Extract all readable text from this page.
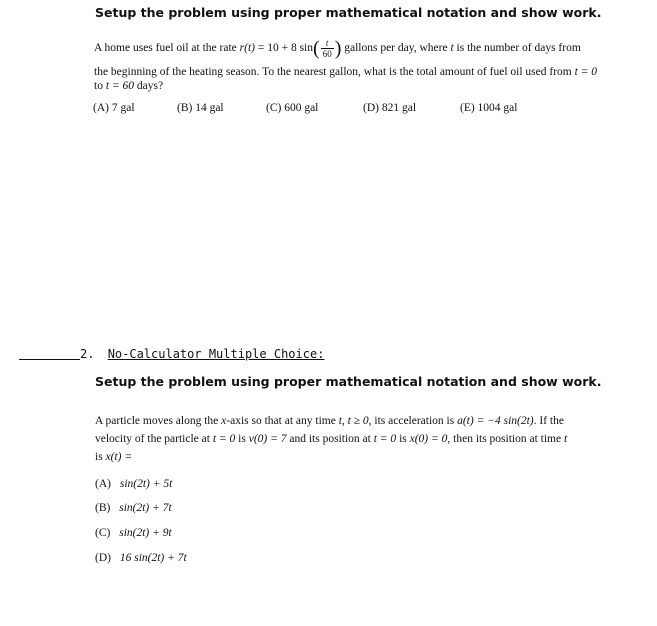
Setup the problem using proper mathematical notation and show work.
A home uses fuel oil at the rate r(t) = 10 + 8 $\sin( \frac{t}{60}$ ) gallons per day, where t is the number of days from
the beginning of the heating season. To the nearest gallon, what is the total amount of fuel oil used from t = 0
to t = 60 days?
(A) 7 gal	(B) 14 gal	(C) 600 gal	(D) 821 gal	(E) 1004 gal
2. No-Calculator Multiple Choice:
Setup the problem using proper mathematical notation and show work.
A particle moves along the x-axis so that at any time t, t ≥ 0, its acceleration is a(t) = −4 sin(2t). If the
velocity of the particle at t = 0 is v(0) = 7 and its position at t = 0 is x(0) = 0, then its position at time t
is x(t) =
(A) sin(2t) + 5t
(B) sin(2t) + 7t
(C) sin(2t) + 9t
(D) 16 sin(2t) + 7t
